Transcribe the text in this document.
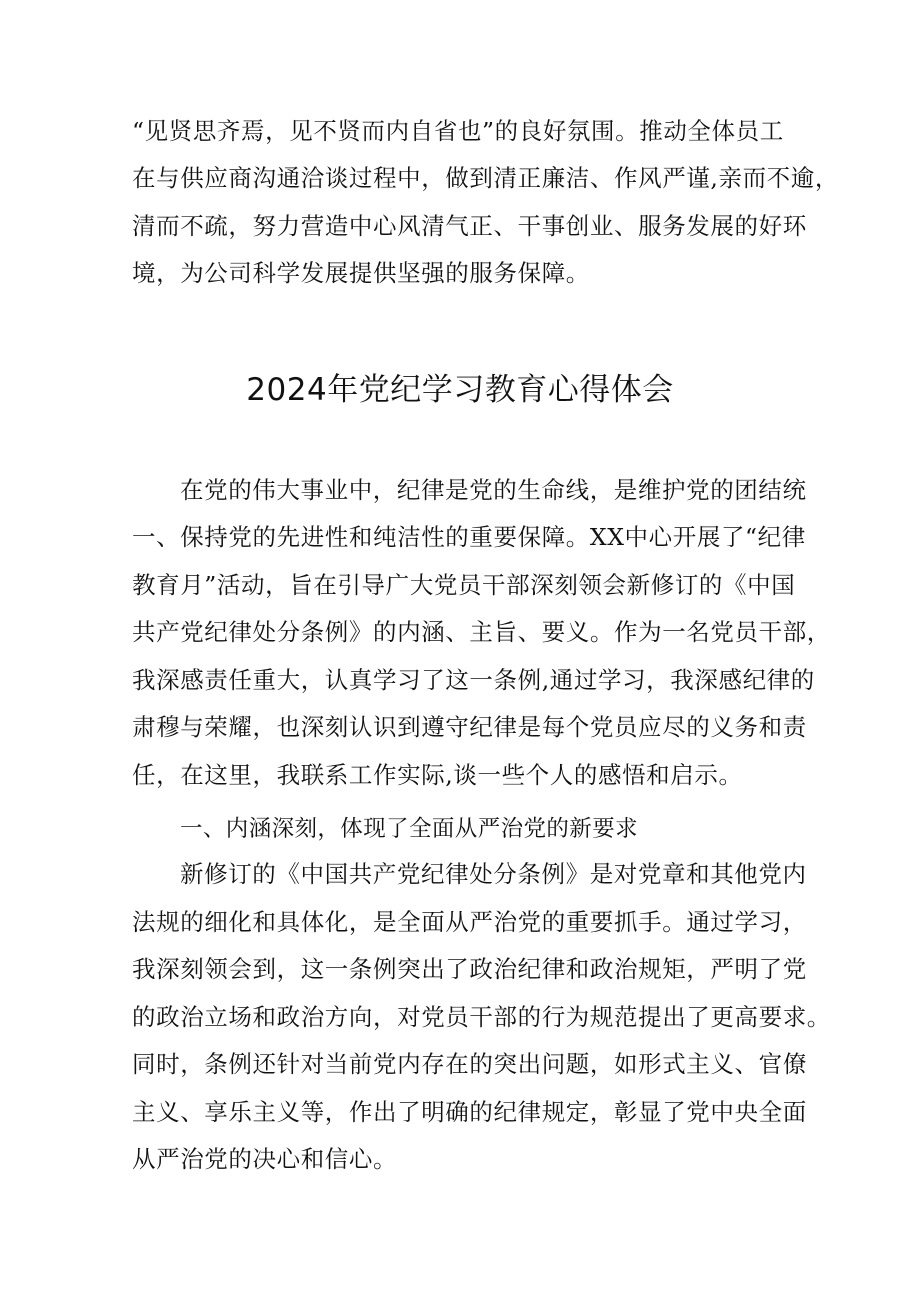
“见贤思齐焉，见不贤而内自省也”的良好氛围。推动全体员工
在与供应商沟通洽谈过程中，做到清正廉洁、作风严谨,亲而不逾，
清而不疏，努力营造中心风清气正、干事创业、服务发展的好环
境，为公司科学发展提供坚强的服务保障。
2024年党纪学习教育心得体会
在党的伟大事业中，纪律是党的生命线，是维护党的团结统
一、保持党的先进性和纯洁性的重要保障。XX中心开展了“纪律
教育月”活动，旨在引导广大党员干部深刻领会新修订的《中国
共产党纪律处分条例》的内涵、主旨、要义。作为一名党员干部，
我深感责任重大，认真学习了这一条例,通过学习，我深感纪律的
肃穆与荣耀，也深刻认识到遵守纪律是每个党员应尽的义务和责
任，在这里，我联系工作实际,谈一些个人的感悟和启示。
一、内涵深刻，体现了全面从严治党的新要求
新修订的《中国共产党纪律处分条例》是对党章和其他党内
法规的细化和具体化，是全面从严治党的重要抓手。通过学习，
我深刻领会到，这一条例突出了政治纪律和政治规矩，严明了党
的政治立场和政治方向，对党员干部的行为规范提出了更高要求。
同时，条例还针对当前党内存在的突出问题，如形式主义、官僚
主义、享乐主义等，作出了明确的纪律规定，彰显了党中央全面
从严治党的决心和信心。
